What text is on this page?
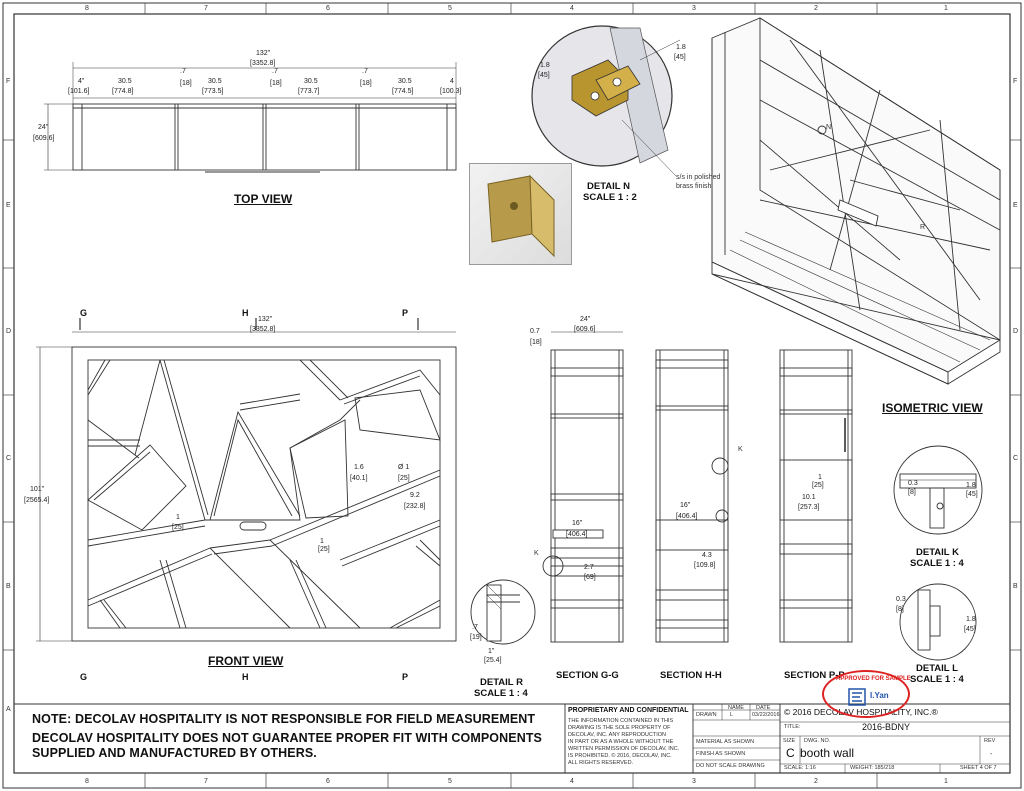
8	7	6	5	4	3	2	1
8	7	6	5	4	3	2	1
F
E
D
C
B
A
F
E
D
C
B
132"
[3352.8]
24"
[609.6]
4"
[101.6]
30.5
[774.8]
.7
[18] 30.5
[773.5]
.7
[18]	30.5
[773.7]
.7
[18]	30.5
[774.5]
4
[100.3]
TOP VIEW
1.8
[45]
1.8
[45]
s/s in polished
brass finish
DETAIL N
SCALE 1 : 2
N
R
ISOMETRIC VIEW
G	H	P
G	H	P
132"
[3352.8]
101"
[2565.4]
1
[25]
1
[25]
1.6
[40.1]
Ø 1
[25]
9.2
[232.8]
FRONT VIEW
.7
[19]
1"
[25.4]
DETAIL R
SCALE 1 : 4
24"
[609.6]
0.7
[18]
16"
[406.4]
2.7
[69]
K
SECTION G-G
16"
[406.4]
4.3
[109.8]
K
SECTION H-H
1
[25]
10.1
[257.3]
SECTION P-P
0.3
[8]
1.8
[45]
DETAIL K
SCALE 1 : 4
0.3
[8]
1.8
[45]
DETAIL L
SCALE 1 : 4
NOTE: DECOLAV HOSPITALITY IS NOT RESPONSIBLE FOR FIELD MEASUREMENT
DECOLAV HOSPITALITY DOES NOT GUARANTEE PROPER FIT WITH COMPONENTS
SUPPLIED AND MANUFACTURED BY OTHERS.
PROPRIETARY AND CONFIDENTIAL
THE INFORMATION CONTAINED IN THIS
DRAWING IS THE SOLE PROPERTY OF
DECOLAV, INC. ANY REPRODUCTION
IN PART OR AS A WHOLE WITHOUT THE
WRITTEN PERMISSION OF DECOLAV, INC.
IS PROHIBITED. © 2016, DECOLAV, INC.
ALL RIGHTS RESERVED.
NAME DATE
DRAWN L	03/22/2016
MATERIAL AS SHOWN
FINISH AS SHOWN
DO NOT SCALE DRAWING
© 2016 DECOLAV HOSPITALITY, INC.®
TITLE:	2016-BDNY
SIZE
C
DWG. NO.
booth wall
REV
-
SCALE: 1:16	WEIGHT: 185/218	SHEET 4 OF 7
APPROVED FOR SAMPLE
I.Yan
